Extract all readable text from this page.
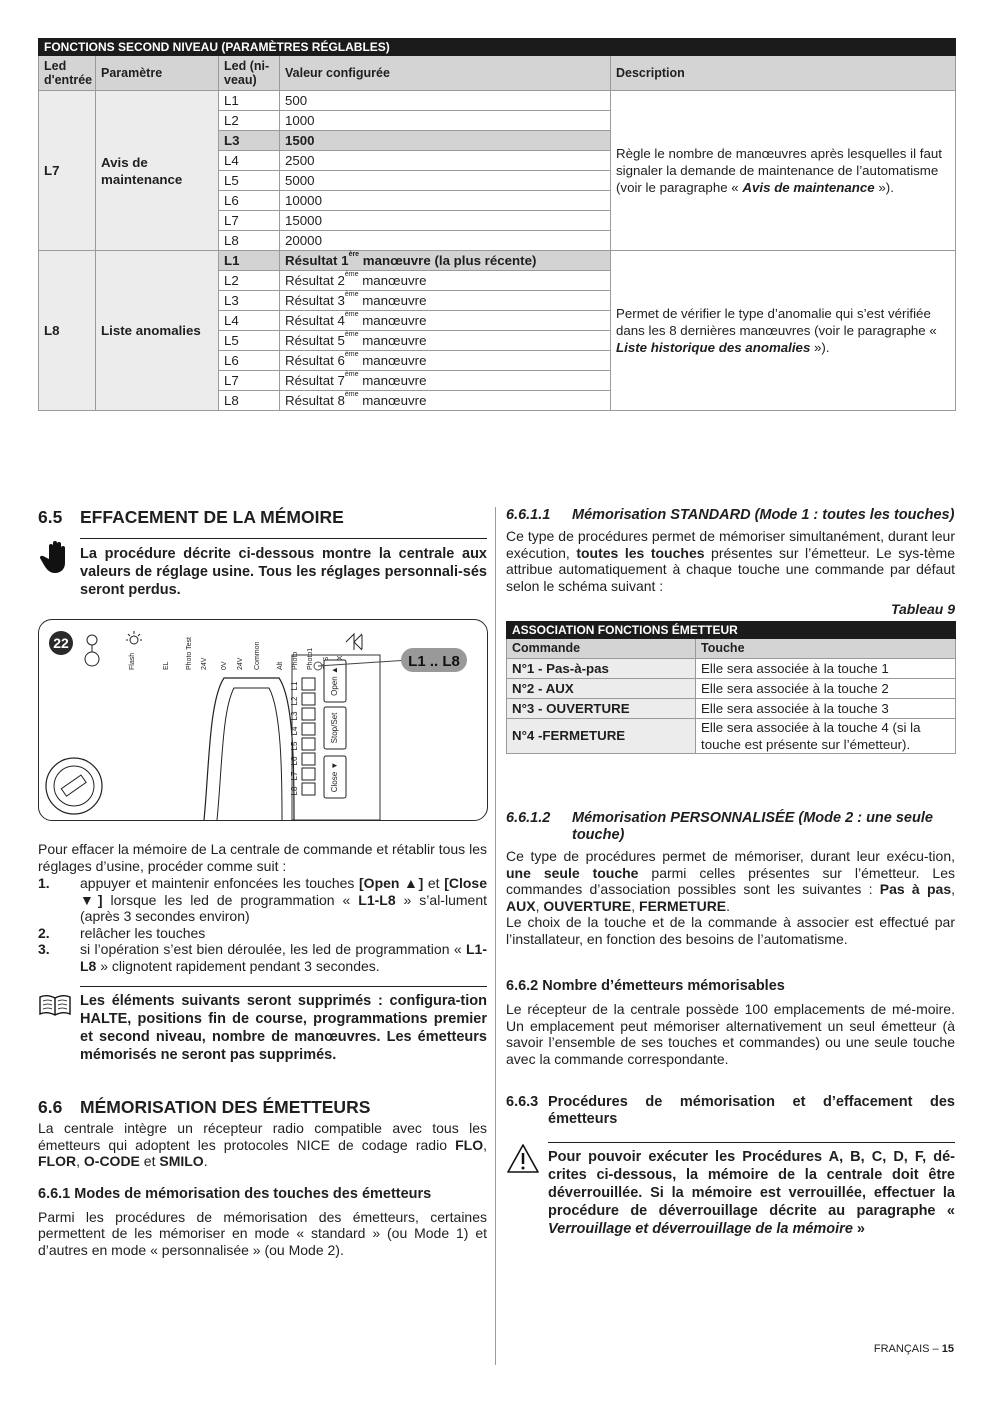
FONCTIONS SECOND NIVEAU (PARAMÈTRES RÉGLABLES)				
Led d'entrée	Paramètre	Led (ni-veau)	Valeur configurée	Description
L7	Avis de maintenance	L1	500	Règle le nombre de manœuvres après lesquelles il faut signaler la demande de maintenance de l’automatisme (voir le paragraphe « Avis de maintenance »).
		L2	1000	
		L3	1500	
		L4	2500	
		L5	5000	
		L6	10000	
		L7	15000	
		L8	20000	
L8	Liste anomalies	L1	Résultat 1ère manœuvre (la plus récente)	Permet de vérifier le type d’anomalie qui s’est vérifiée dans les 8 dernières manœuvres (voir le paragraphe « Liste historique des anomalies »).
		L2	Résultat 2ème manœuvre	
		L3	Résultat 3ème manœuvre	
		L4	Résultat 4ème manœuvre	
		L5	Résultat 5ème manœuvre	
		L6	Résultat 6ème manœuvre	
		L7	Résultat 7ème manœuvre	
		L8	Résultat 8ème manœuvre	
6.5 EFFACEMENT DE LA MÉMOIRE
La procédure décrite ci-dessous montre la centrale aux valeurs de réglage usine. Tous les réglages personnali-sés seront perdus.
22
Flash	EL Photo Test 24V 0V 24V Common Alt Photo Photo1
L1
L2
L3
L4
L5
L6
L7
L8
Open ▲
Stop/Set
Close ▼
L1 .. L8
Pour effacer la mémoire de La centrale de commande et rétablir tous les réglages d’usine, procéder comme suit :
1. appuyer et maintenir enfoncées les touches [Open ▲] et [Close ▼] lorsque les led de programmation « L1-L8 » s’al-lument (après 3 secondes environ)
2. relâcher les touches
3. si l’opération s’est bien déroulée, les led de programmation « L1-L8 » clignotent rapidement pendant 3 secondes.
Les éléments suivants seront supprimés : configura-tion HALTE, positions fin de course, programmations premier et second niveau, nombre de manœuvres. Les émetteurs mémorisés ne seront pas supprimés.
6.6 MÉMORISATION DES ÉMETTEURS
La centrale intègre un récepteur radio compatible avec tous les émetteurs qui adoptent les protocoles NICE de codage radio FLO, FLOR, O-CODE et SMILO.
6.6.1 Modes de mémorisation des touches des émetteurs
Parmi les procédures de mémorisation des émetteurs, certaines permettent de les mémoriser en mode « standard » (ou Mode 1) et d’autres en mode « personnalisée » (ou Mode 2).
6.6.1.1	Mémorisation STANDARD (Mode 1 : toutes les touches)
Ce type de procédures permet de mémoriser simultanément, durant leur exécution, toutes les touches présentes sur l’émetteur. Le sys-tème attribue automatiquement à chaque touche une commande par défaut selon le schéma suivant :
Tableau 9
ASSOCIATION FONCTIONS ÉMETTEUR	
Commande	Touche
N°1 - Pas-à-pas	Elle sera associée à la touche 1
N°2 - AUX	Elle sera associée à la touche 2
N°3 - OUVERTURE	Elle sera associée à la touche 3
N°4 -FERMETURE	Elle sera associée à la touche 4 (si la touche est présente sur l’émetteur).
6.6.1.2	Mémorisation PERSONNALISÉE (Mode 2 : une seule touche)
Ce type de procédures permet de mémoriser, durant leur exécu-tion, une seule touche parmi celles présentes sur l’émetteur. Les commandes d’association possibles sont les suivantes : Pas à pas, AUX, OUVERTURE, FERMETURE.
Le choix de la touche et de la commande à associer est effectué par l’installateur, en fonction des besoins de l’automatisme.
6.6.2 Nombre d’émetteurs mémorisables
Le récepteur de la centrale possède 100 emplacements de mé-moire. Un emplacement peut mémoriser alternativement un seul émetteur (à savoir l’ensemble de ses touches et commandes) ou une seule touche avec la commande correspondante.
6.6.3 Procédures de mémorisation et d’effacement des émetteurs
Pour pouvoir exécuter les Procédures A, B, C, D, F, dé-crites ci-dessous, la mémoire de la centrale doit être déverrouillée. Si la mémoire est verrouillée, effectuer la procédure de déverrouillage décrite au paragraphe « Verrouillage et déverrouillage de la mémoire »
FRANÇAIS – 15
